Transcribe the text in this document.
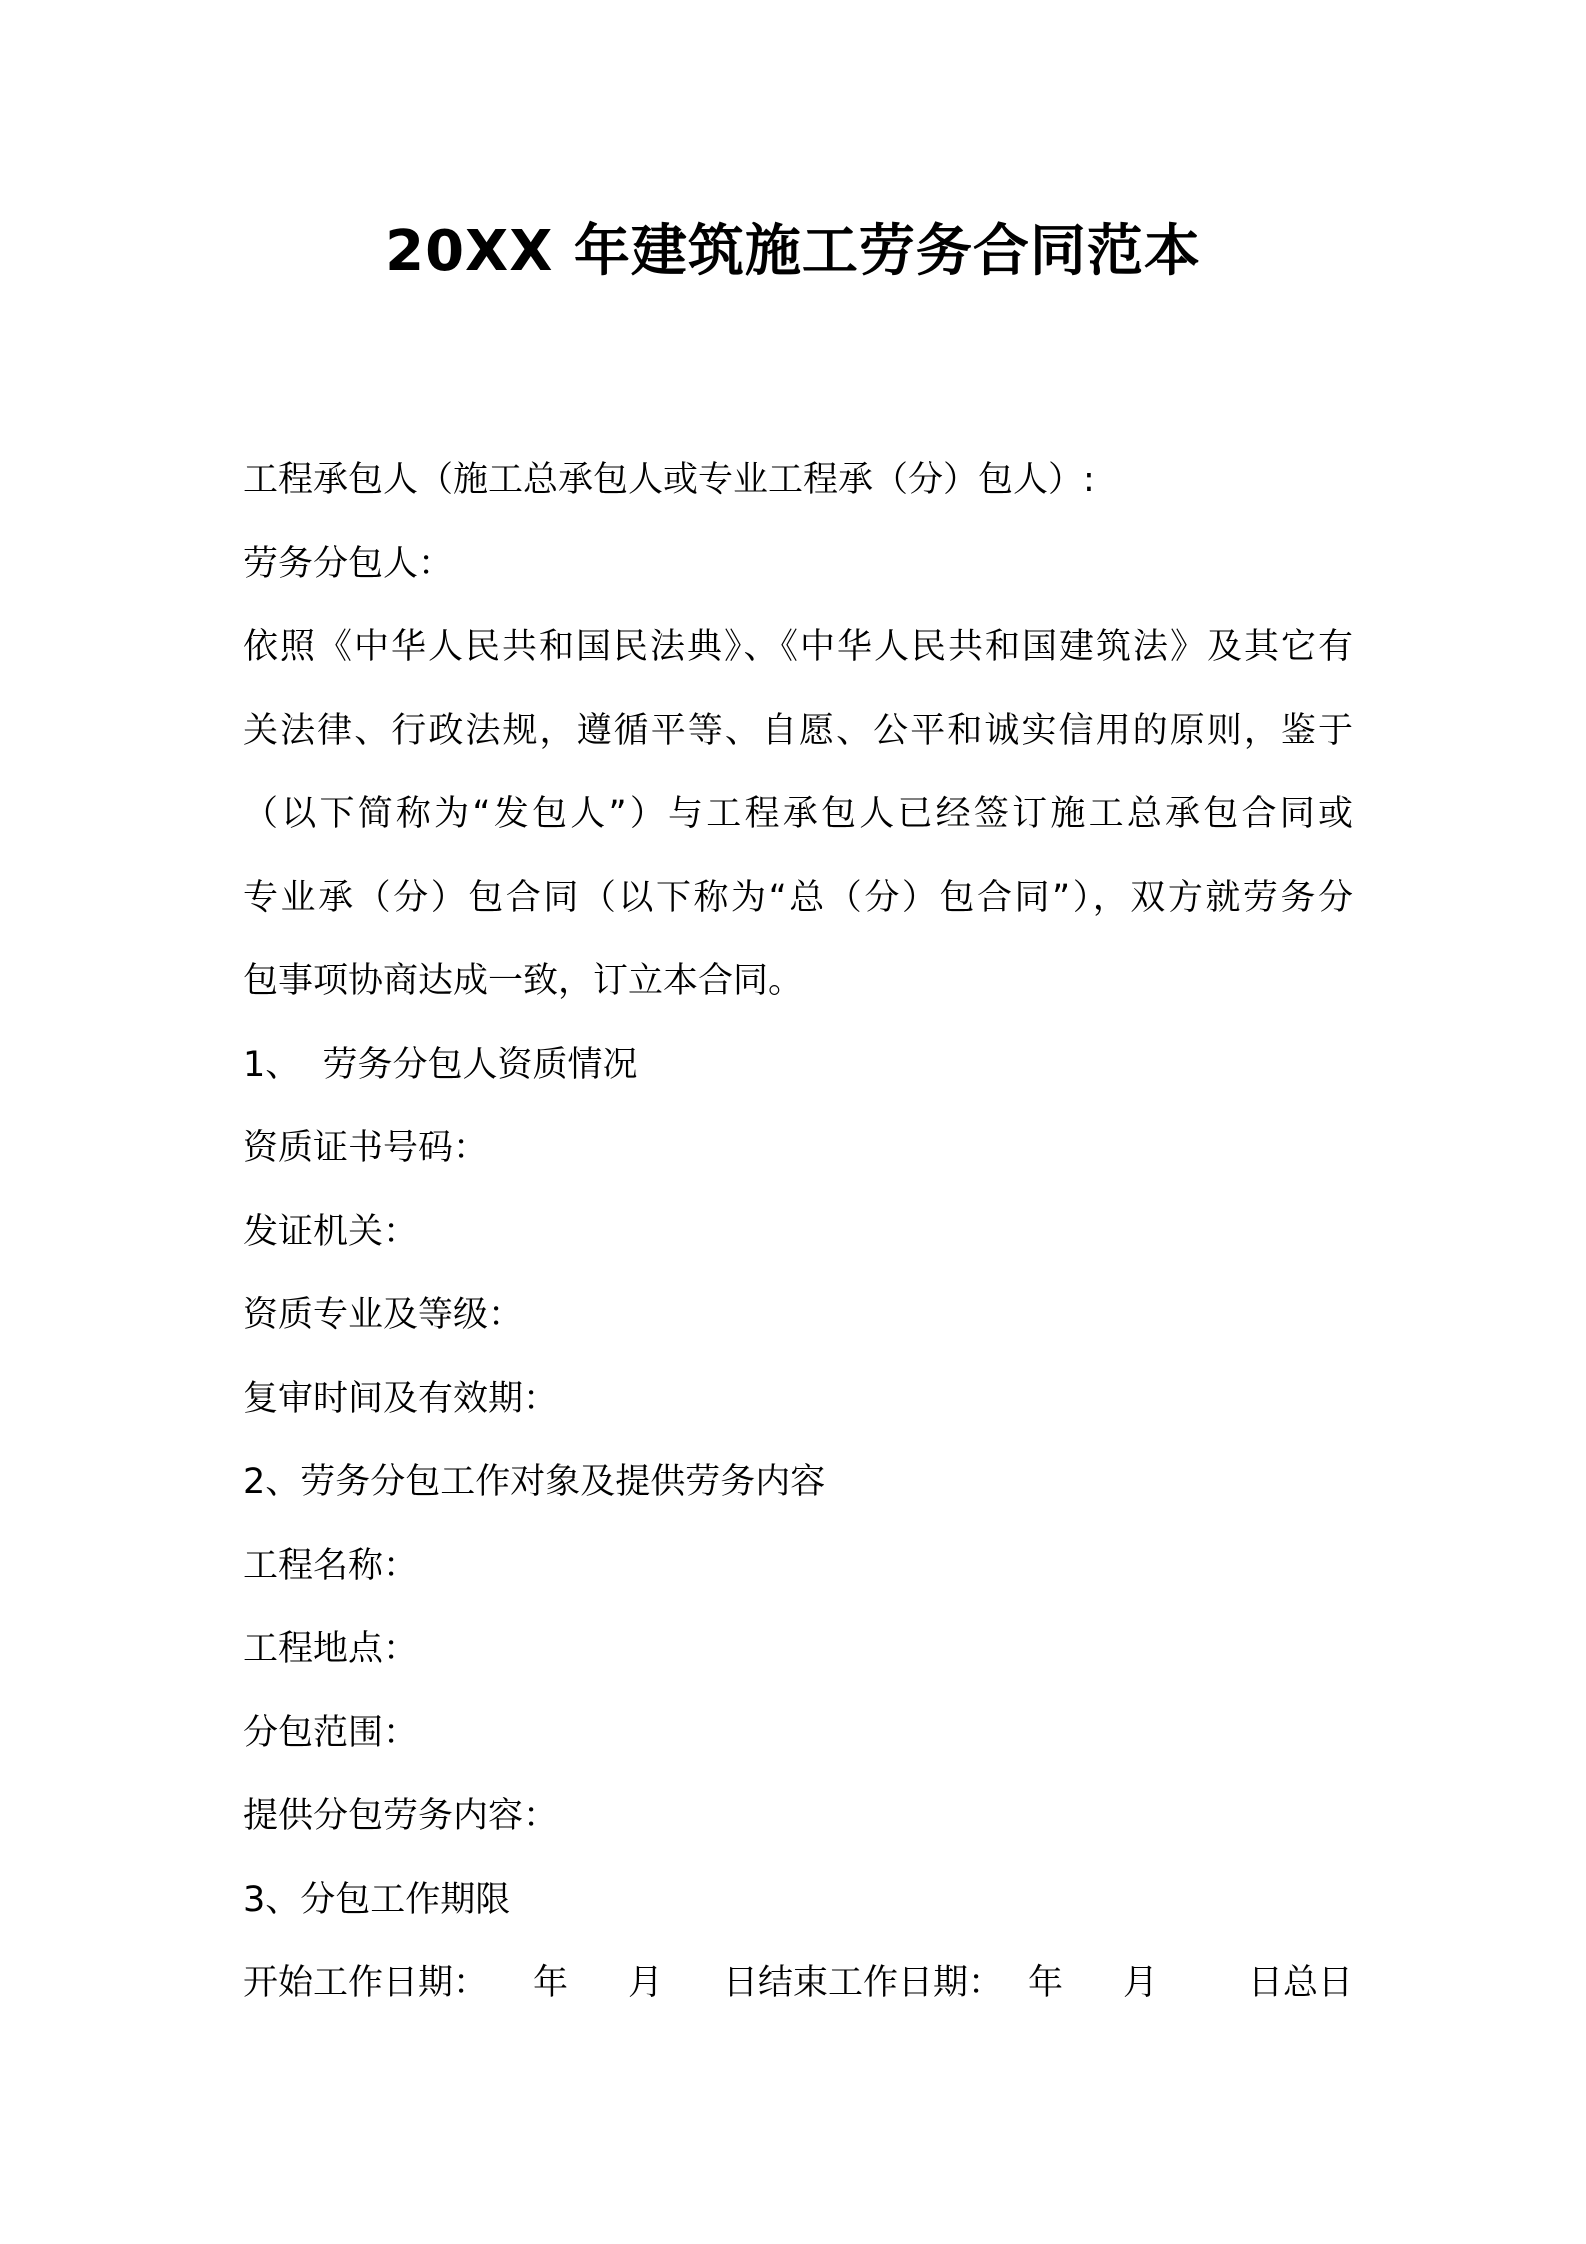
20XX 年建筑施工劳务合同范本
工程承包人（施工总承包人或专业工程承（分）包人）:
劳务分包人：
依照《中华人民共和国民法典》、《中华人民共和国建筑法》及其它有
关法律、行政法规，遵循平等、自愿、公平和诚实信用的原则，鉴于
（以下简称为“发包人”）与工程承包人已经签订施工总承包合同或
专业承（分）包合同（以下称为“总（分）包合同”），双方就劳务分
包事项协商达成一致，订立本合同。
1、  劳务分包人资质情况
资质证书号码：
发证机关：
资质专业及等级：
复审时间及有效期：
2、劳务分包工作对象及提供劳务内容
工程名称：
工程地点：
分包范围：
提供分包劳务内容：
3、分包工作期限
开始工作日期：	年	月	日结束工作日期： 年	月	日总日
